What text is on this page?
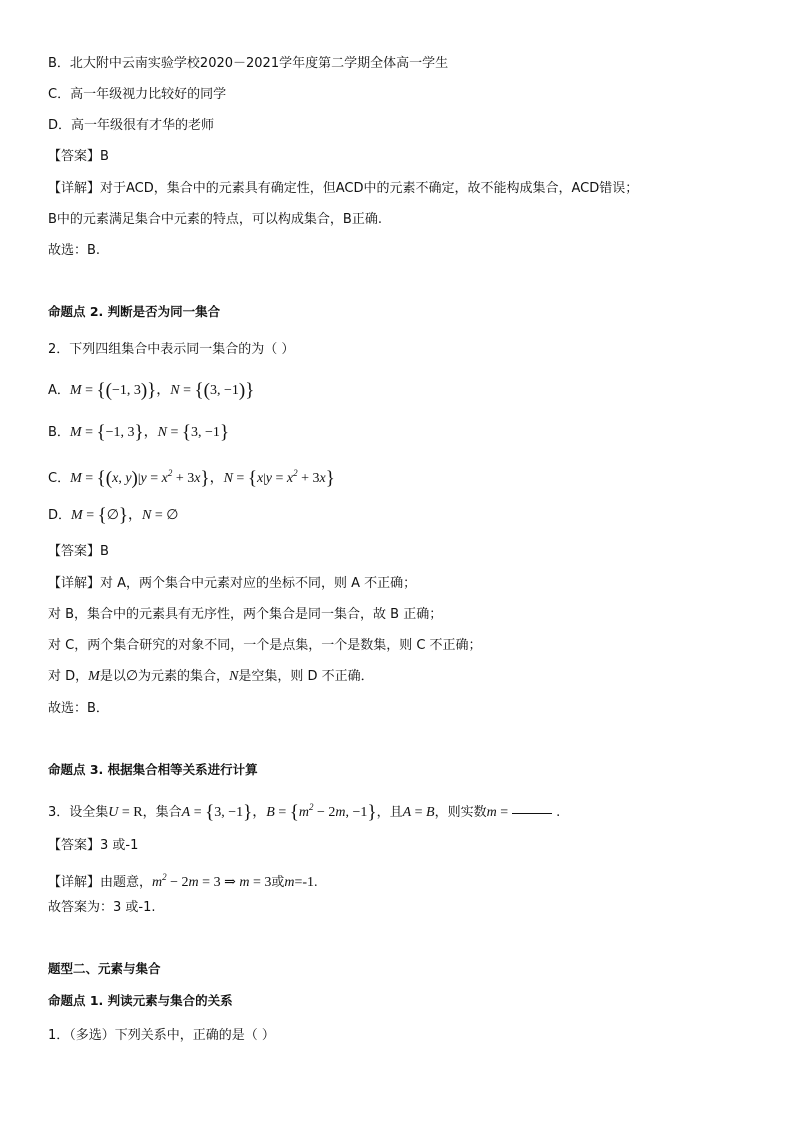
B．北大附中云南实验学校2020－2021学年度第二学期全体高一学生
C．高一年级视力比较好的同学
D．高一年级很有才华的老师
【答案】B
【详解】对于ACD，集合中的元素具有确定性，但ACD中的元素不确定，故不能构成集合，ACD错误；
B中的元素满足集合中元素的特点，可以构成集合，B正确.
故选：B.
命题点 2. 判断是否为同一集合
2．下列四组集合中表示同一集合的为（ ）
A．M = {(−1, 3)}，N = {(3, −1)}
B．M = {−1, 3}，N = {3, −1}
C．M = {(x, $y)|y = x^2 + 3x$}，$N = \{x|y = x^2 + 3x\}$
D．M = {∅}，N = ∅
【答案】B
【详解】对 A，两个集合中元素对应的坐标不同，则 A 不正确；
对 B，集合中的元素具有无序性，两个集合是同一集合，故 B 正确；
对 C，两个集合研究的对象不同，一个是点集，一个是数集，则 C 不正确；
对 D，M是以∅为元素的集合，N是空集，则 D 不正确．
故选：B．
命题点 3. 根据集合相等关系进行计算
3．设全集U = R，集合A = {3, −1}，$B = \{m^2 - 2m$, −1}，且A = B，则实数m =	.
【答案】3 或-1
【详解】由题意，$m^2 - 2m = 3$ ⇒ m = 3或m=-1.
故答案为：3 或-1.
题型二、元素与集合
命题点 1. 判读元素与集合的关系
1．（多选）下列关系中，正确的是（ ）
